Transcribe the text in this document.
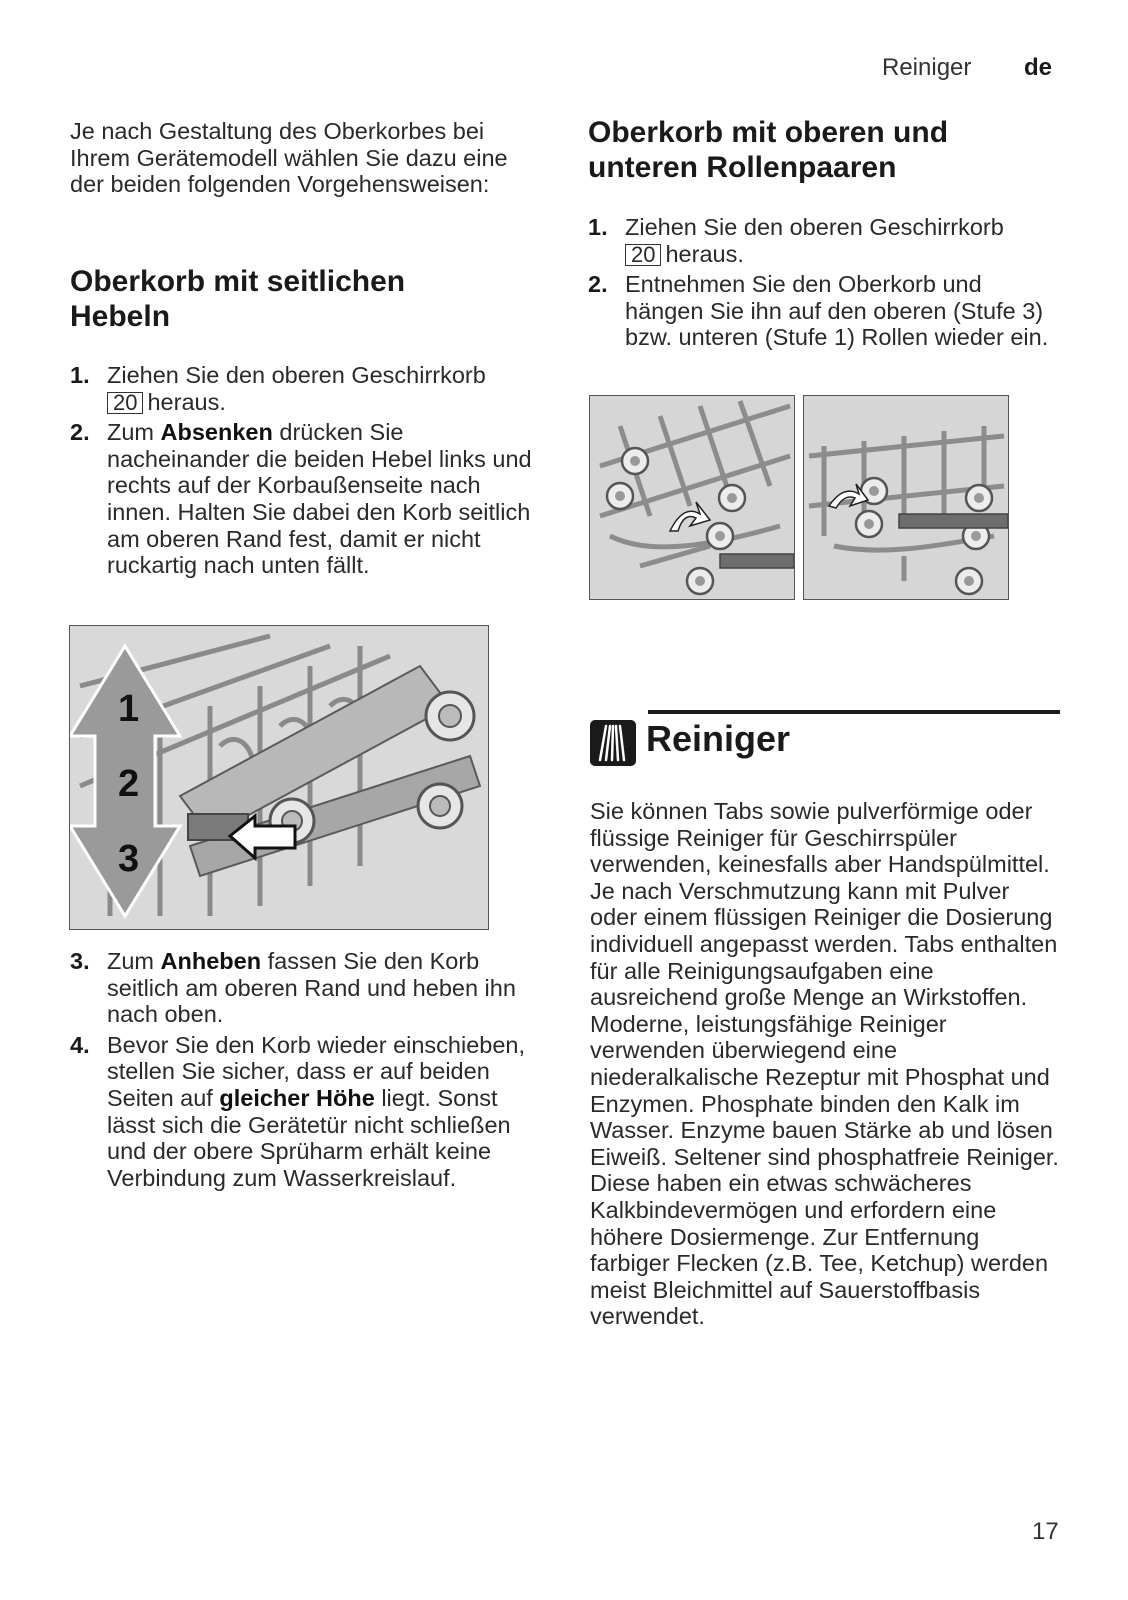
Reiniger de
Je nach Gestaltung des Oberkorbes bei Ihrem Gerätemodell wählen Sie dazu eine der beiden folgenden Vorgehensweisen:
Oberkorb mit seitlichen Hebeln
1. Ziehen Sie den oberen Geschirrkorb
20 heraus.
2. Zum Absenken drücken Sie nacheinander die beiden Hebel links und rechts auf der Korbaußenseite nach innen. Halten Sie dabei den Korb seitlich am oberen Rand fest, damit er nicht ruckartig nach unten fällt.
1
2
3
3. Zum Anheben fassen Sie den Korb seitlich am oberen Rand und heben ihn nach oben.
4. Bevor Sie den Korb wieder einschieben, stellen Sie sicher, dass er auf beiden Seiten auf gleicher Höhe liegt. Sonst lässt sich die Gerätetür nicht schließen und der obere Sprüharm erhält keine Verbindung zum Wasserkreislauf.
Oberkorb mit oberen und unteren Rollenpaaren
1. Ziehen Sie den oberen Geschirrkorb
20 heraus.
2. Entnehmen Sie den Oberkorb und hängen Sie ihn auf den oberen (Stufe 3) bzw. unteren (Stufe 1) Rollen wieder ein.
Reiniger
Sie können Tabs sowie pulverförmige oder flüssige Reiniger für Geschirrspüler verwenden, keinesfalls aber Handspülmittel. Je nach Verschmutzung kann mit Pulver oder einem flüssigen Reiniger die Dosierung individuell angepasst werden. Tabs enthalten für alle Reinigungsaufgaben eine ausreichend große Menge an Wirkstoffen. Moderne, leistungsfähige Reiniger verwenden überwiegend eine niederalkalische Rezeptur mit Phosphat und Enzymen. Phosphate binden den Kalk im Wasser. Enzyme bauen Stärke ab und lösen Eiweiß. Seltener sind phosphatfreie Reiniger. Diese haben ein etwas schwächeres Kalkbindevermögen und erfordern eine höhere Dosiermenge. Zur Entfernung farbiger Flecken (z.B. Tee, Ketchup) werden meist Bleichmittel auf Sauerstoffbasis verwendet.
17
